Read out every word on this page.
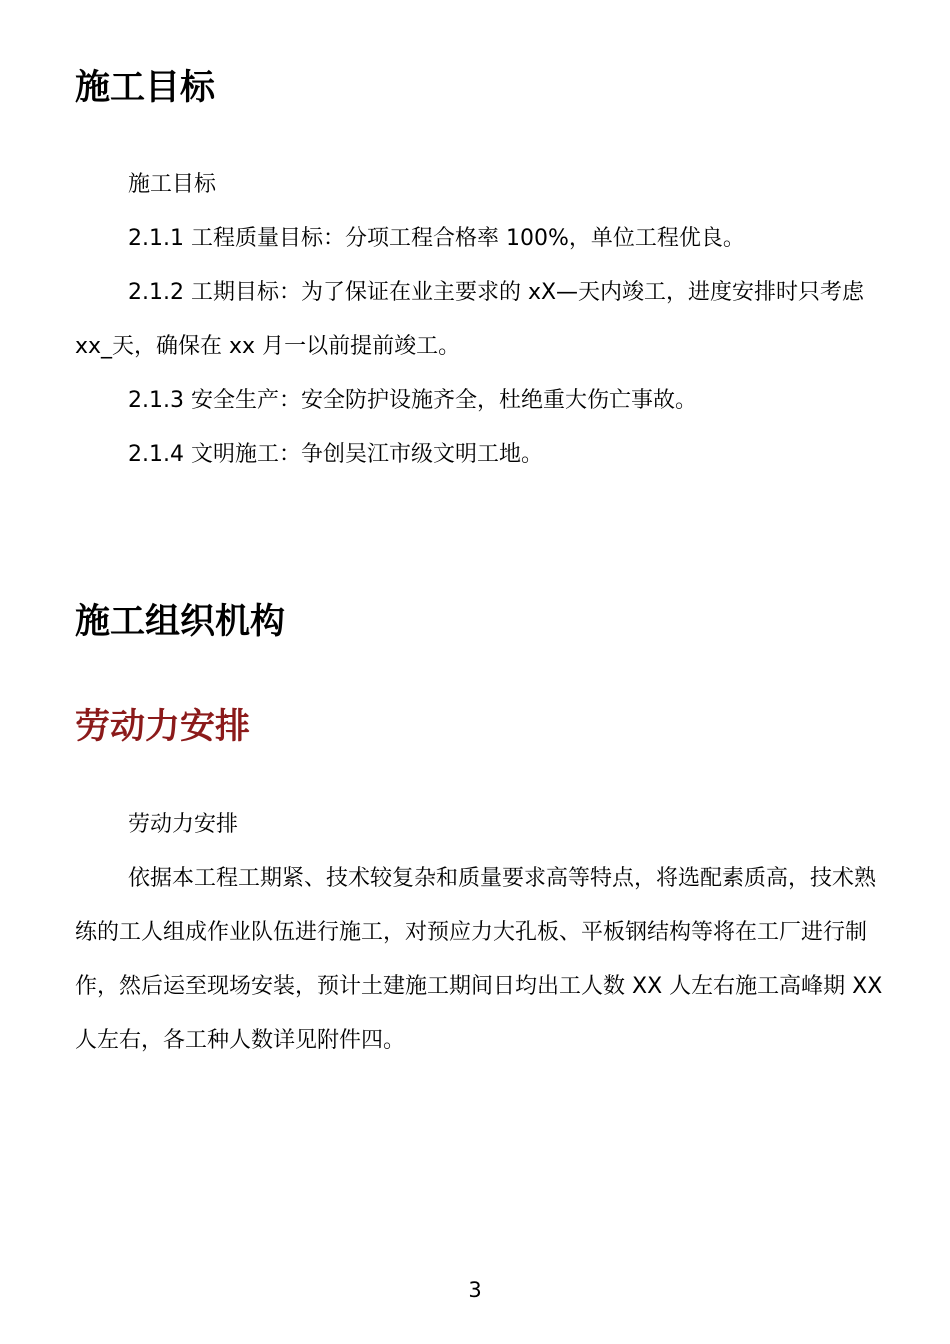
施工目标

施工目标

2.1.1 工程质量目标：分项工程合格率 100%，单位工程优良。

2.1.2 工期目标：为了保证在业主要求的 xX—天内竣工，进度安排时只考虑 xx_天，确保在 xx 月一以前提前竣工。

2.1.3 安全生产：安全防护设施齐全，杜绝重大伤亡事故。

2.1.4 文明施工：争创吴江市级文明工地。

施工组织机构
劳动力安排

劳动力安排

依据本工程工期紧、技术较复杂和质量要求高等特点，将选配素质高，技术熟练的工人组成作业队伍进行施工，对预应力大孔板、平板钢结构等将在工厂进行制作，然后运至现场安装，预计土建施工期间日均出工人数 XX 人左右施工高峰期 XX 人左右，各工种人数详见附件四。

3
